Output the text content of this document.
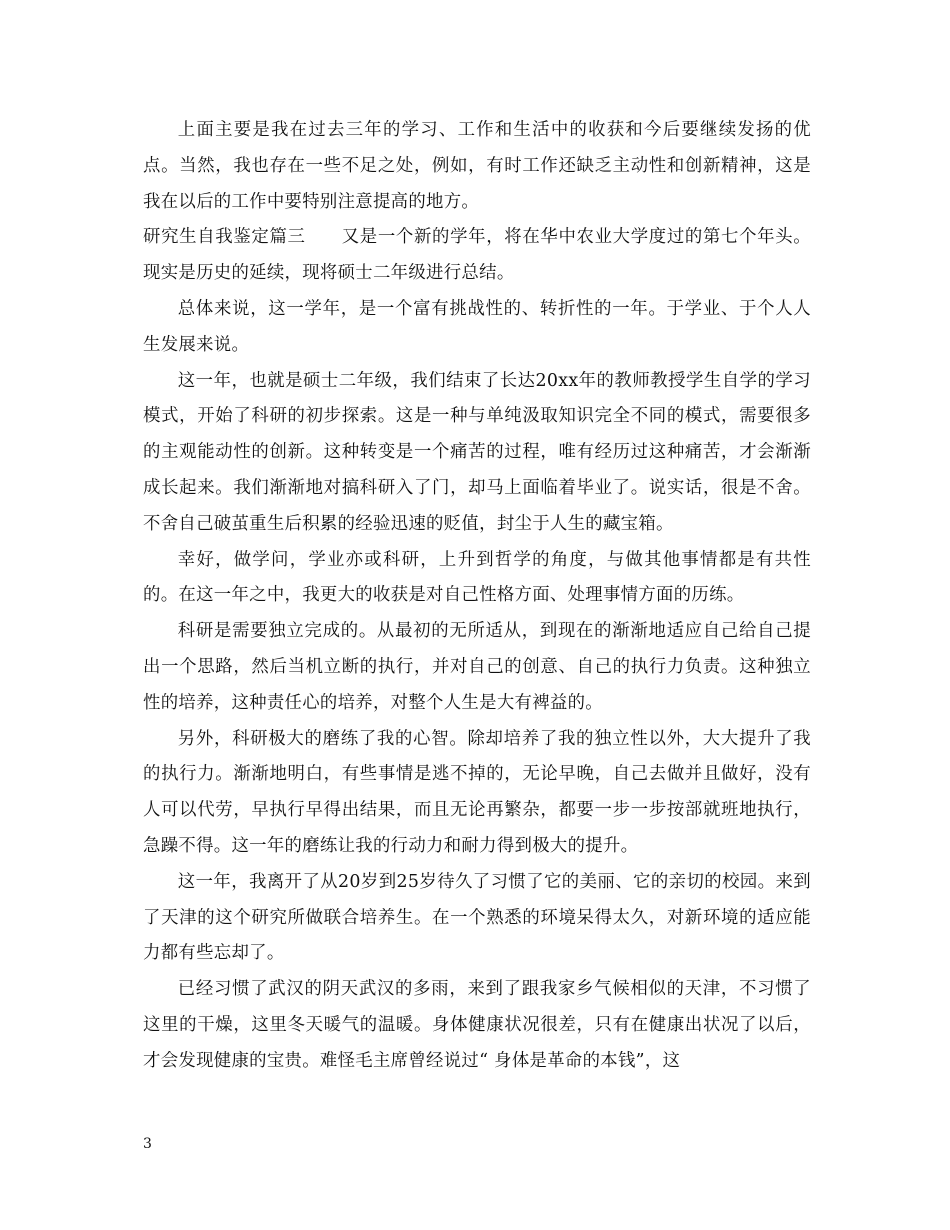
上面主要是我在过去三年的学习、工作和生活中的收获和今后要继续发扬的优点。当然，我也存在一些不足之处，例如，有时工作还缺乏主动性和创新精神，这是我在以后的工作中要特别注意提高的地方。

研究生自我鉴定篇三　　又是一个新的学年，将在华中农业大学度过的第七个年头。现实是历史的延续，现将硕士二年级进行总结。

总体来说，这一学年，是一个富有挑战性的、转折性的一年。于学业、于个人人生发展来说。

这一年，也就是硕士二年级，我们结束了长达20xx年的教师教授学生自学的学习模式，开始了科研的初步探索。这是一种与单纯汲取知识完全不同的模式，需要很多的主观能动性的创新。这种转变是一个痛苦的过程，唯有经历过这种痛苦，才会渐渐成长起来。我们渐渐地对搞科研入了门，却马上面临着毕业了。说实话，很是不舍。不舍自己破茧重生后积累的经验迅速的贬值，封尘于人生的藏宝箱。

幸好，做学问，学业亦或科研，上升到哲学的角度，与做其他事情都是有共性的。在这一年之中，我更大的收获是对自己性格方面、处理事情方面的历练。

科研是需要独立完成的。从最初的无所适从，到现在的渐渐地适应自己给自己提出一个思路，然后当机立断的执行，并对自己的创意、自己的执行力负责。这种独立性的培养，这种责任心的培养，对整个人生是大有裨益的。

另外，科研极大的磨练了我的心智。除却培养了我的独立性以外，大大提升了我的执行力。渐渐地明白，有些事情是逃不掉的，无论早晚，自己去做并且做好，没有人可以代劳，早执行早得出结果，而且无论再繁杂，都要一步一步按部就班地执行，急躁不得。这一年的磨练让我的行动力和耐力得到极大的提升。

这一年，我离开了从20岁到25岁待久了习惯了它的美丽、它的亲切的校园。来到了天津的这个研究所做联合培养生。在一个熟悉的环境呆得太久，对新环境的适应能力都有些忘却了。

已经习惯了武汉的阴天武汉的多雨，来到了跟我家乡气候相似的天津，不习惯了这里的干燥，这里冬天暖气的温暖。身体健康状况很差，只有在健康出状况了以后，才会发现健康的宝贵。难怪毛主席曾经说过“ 身体是革命的本钱”，这

3
